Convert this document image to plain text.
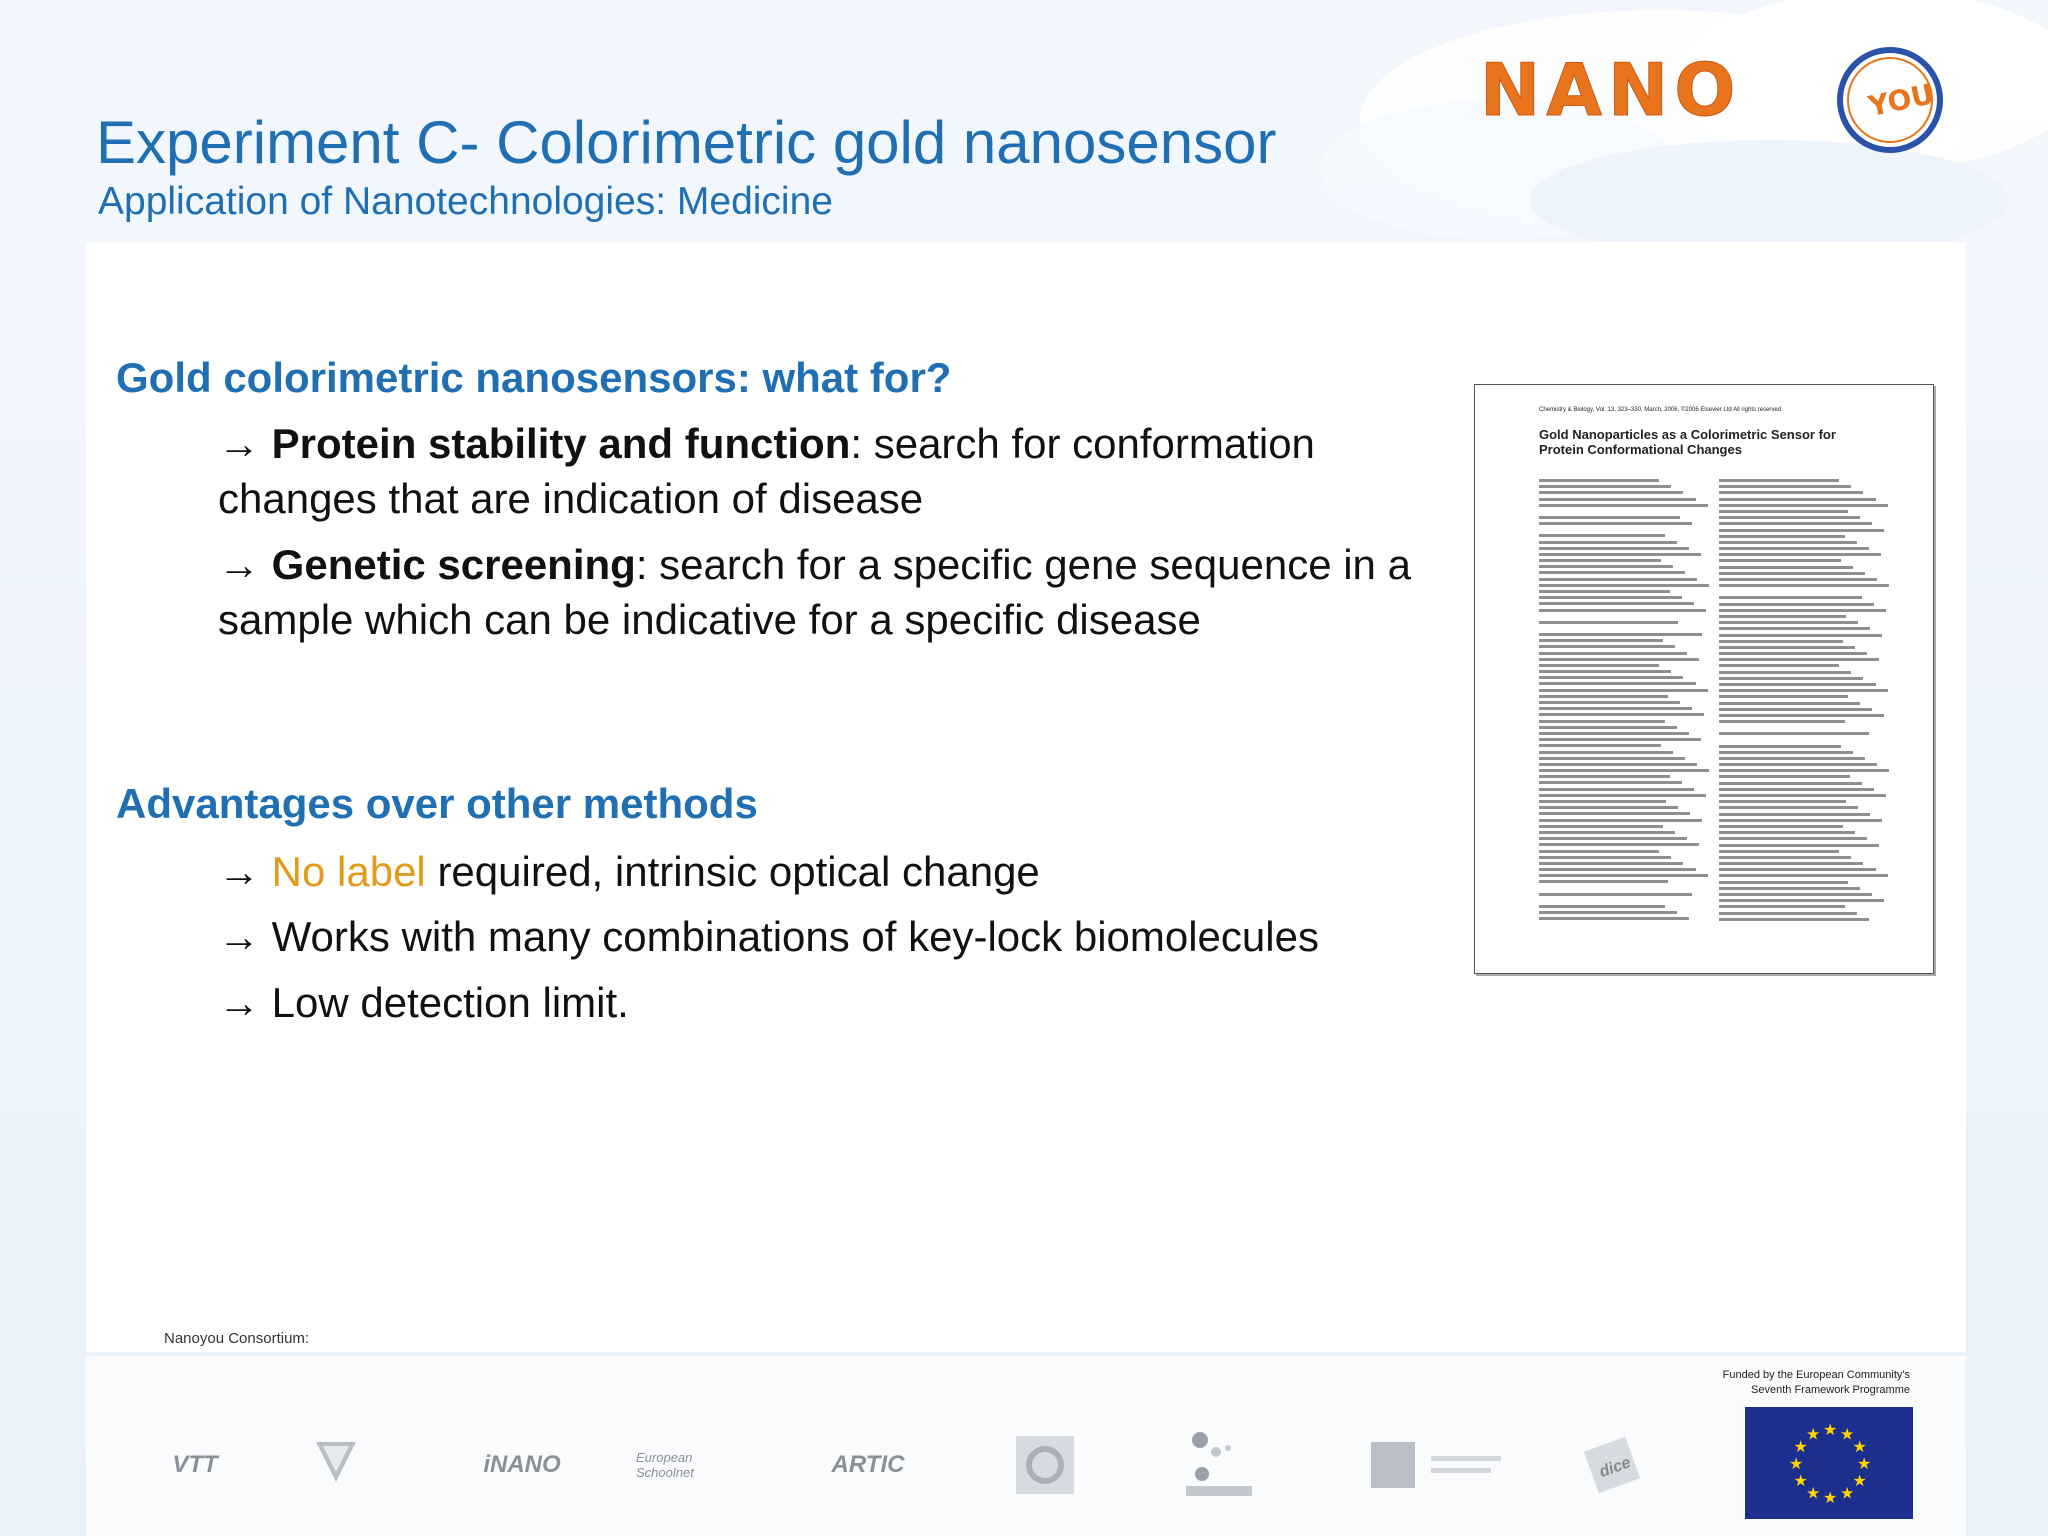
Experiment C- Colorimetric gold nanosensor
Application of Nanotechnologies: Medicine
NANO	YOU
Gold colorimetric nanosensors: what for?
→ Protein stability and function: search for conformation changes that are indication of disease
→ Genetic screening: search for a specific gene sequence in a sample which can be indicative for a specific disease
Advantages over other methods
→ No label required, intrinsic optical change
→ Works with many combinations of key-lock biomolecules
→ Low detection limit.
Chemistry & Biology, Vol. 13, 323–330, March, 2006, ©2006 Elsevier Ltd All rights reserved
Gold Nanoparticles as a Colorimetric Sensor for Protein Conformational Changes
Nanoyou Consortium:
VTT	iNANO	European Schoolnet	ARTIC	dice
Funded by the European Community's Seventh Framework Programme
★
★
★
★
★
★
★
★
★ ★ ★
★
